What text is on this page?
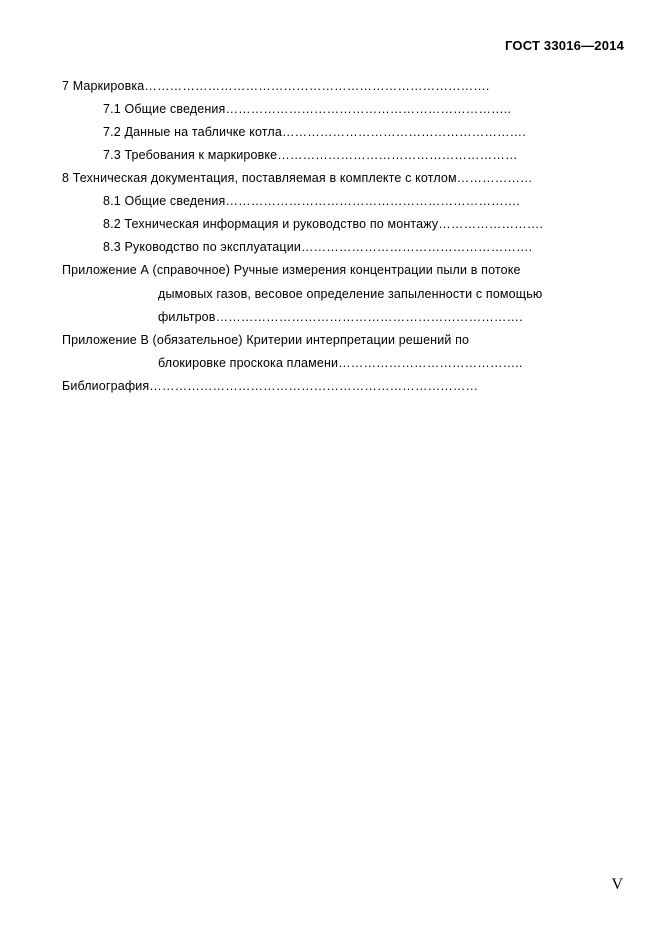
ГОСТ 33016—2014
7 Маркировка……………………………………………………………………….
7.1 Общие сведения…………………………………………………………..
7.2 Данные на табличке котла………………………………………………….
7.3 Требования к маркировке…………………………………………………
8 Техническая документация, поставляемая в комплекте с котлом………………
8.1 Общие сведения…………………………………………………………….
8.2 Техническая информация и руководство по монтажу…………………….
8.3 Руководство по эксплуатации……………………………………………….
Приложение А (справочное) Ручные измерения концентрации пыли в потоке
дымовых газов, весовое определение запыленности с помощью
фильтров……………………………………………………………….
Приложение В (обязательное) Критерии интерпретации решений по
блокировке проскока пламени……………………………………..
Библиография……………………………………………………………………
V
